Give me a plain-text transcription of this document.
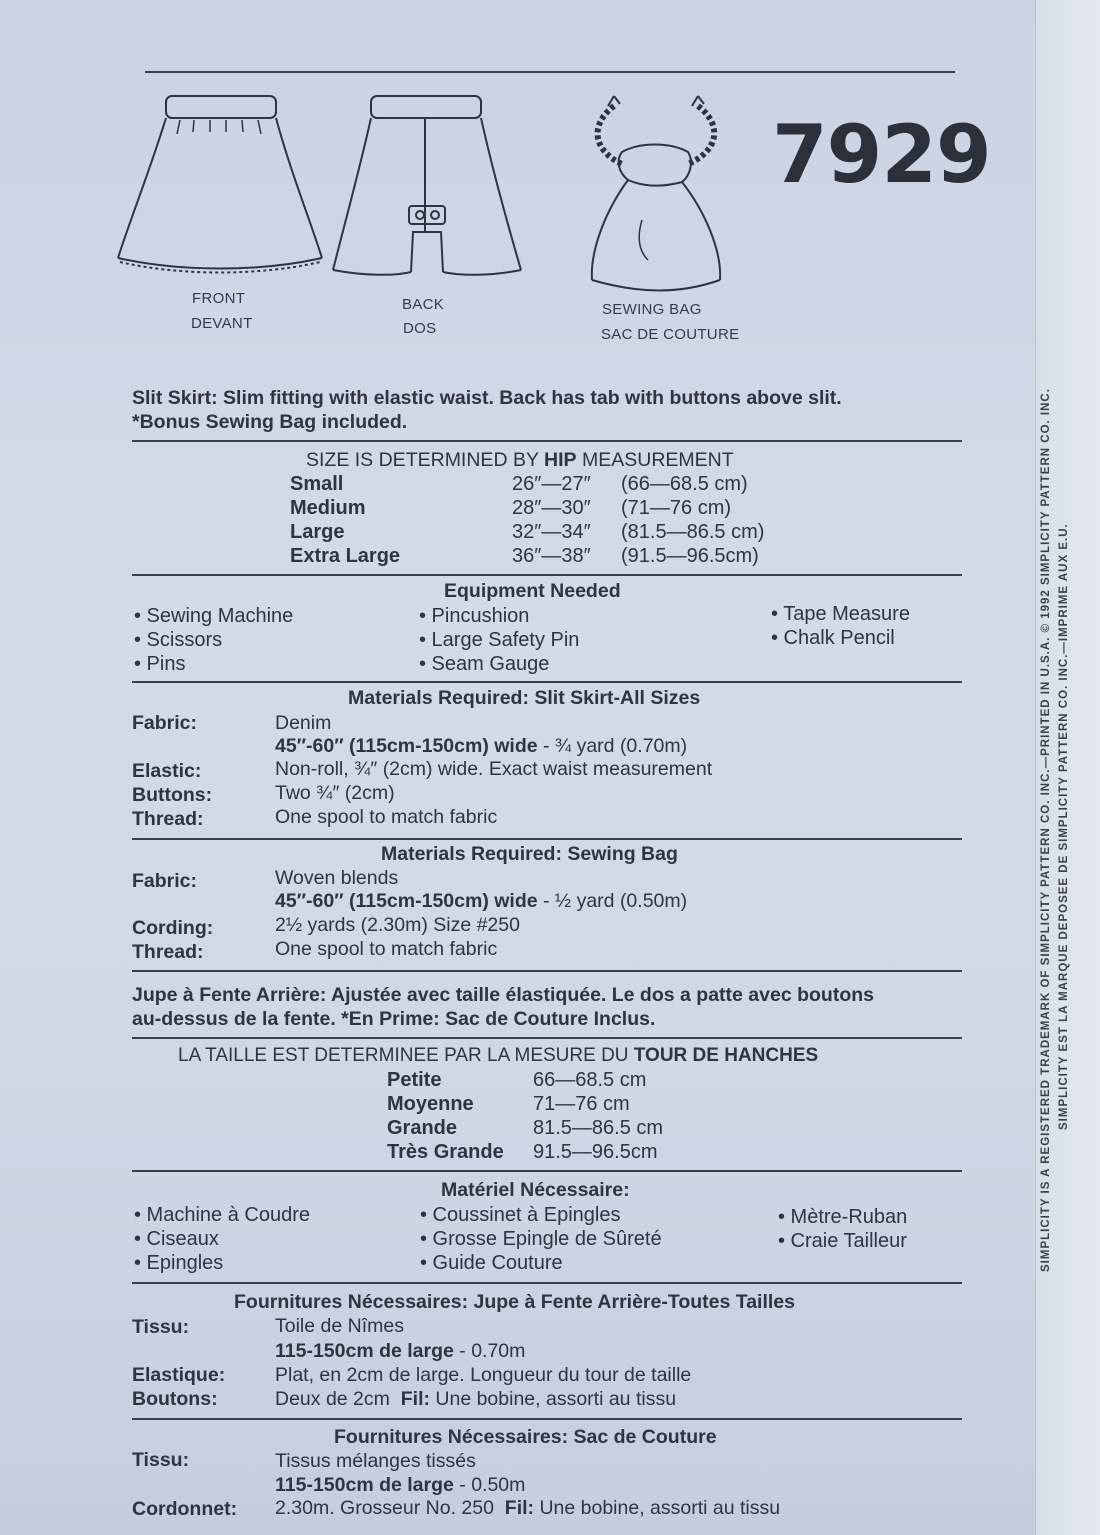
FRONT
DEVANT
BACK
DOS
SEWING BAG
SAC DE COUTURE
7929
Slit Skirt: Slim fitting with elastic waist. Back has tab with buttons above slit.
*Bonus Sewing Bag included.
SIZE IS DETERMINED BY HIP MEASUREMENT
Small	26″—27″ (66—68.5 cm)
Medium	28″—30″ (71—76 cm)
Large	32″—34″ (81.5—86.5 cm)
Extra Large	36″—38″ (91.5—96.5cm)
Equipment Needed
• Sewing Machine
• Scissors
• Pins
• Pincushion
• Large Safety Pin
• Seam Gauge
• Tape Measure
• Chalk Pencil
Materials Required: Slit Skirt-All Sizes
Fabric:	Denim
45″-60″ (115cm-150cm) wide - ¾ yard (0.70m)
Elastic:	Non-roll, ¾″ (2cm) wide. Exact waist measurement
Buttons:	Two ¾″ (2cm)
Thread:	One spool to match fabric
Materials Required: Sewing Bag
Fabric:	Woven blends
45″-60″ (115cm-150cm) wide - ½ yard (0.50m)
Cording:	2½ yards (2.30m) Size #250
Thread:	One spool to match fabric
Jupe à Fente Arrière: Ajustée avec taille élastiquée. Le dos a patte avec boutons
au-dessus de la fente. *En Prime: Sac de Couture Inclus.
LA TAILLE EST DETERMINEE PAR LA MESURE DU TOUR DE HANCHES
Petite	66—68.5 cm
Moyenne	71—76 cm
Grande	81.5—86.5 cm
Très Grande 91.5—96.5cm
Matériel Nécessaire:
• Machine à Coudre
• Ciseaux
• Epingles
• Coussinet à Epingles
• Grosse Epingle de Sûreté
• Guide Couture
• Mètre-Ruban
• Craie Tailleur
Fournitures Nécessaires: Jupe à Fente Arrière-Toutes Tailles
Tissu:	Toile de Nîmes
115-150cm de large - 0.70m
Elastique:	Plat, en 2cm de large. Longueur du tour de taille
Boutons:	Deux de 2cm Fil: Une bobine, assorti au tissu
Fournitures Nécessaires: Sac de Couture
Tissu:	Tissus mélanges tissés
115-150cm de large - 0.50m
Cordonnet: 2.30m. Grosseur No. 250 Fil: Une bobine, assorti au tissu
SIMPLICITY IS A REGISTERED TRADEMARK OF SIMPLICITY PATTERN CO. INC.—PRINTED IN U.S.A. © 1992 SIMPLICITY PATTERN CO. INC. SIMPLICITY EST LA MARQUE DEPOSEE DE SIMPLICITY PATTERN CO. INC.—IMPRIME AUX E.U.
